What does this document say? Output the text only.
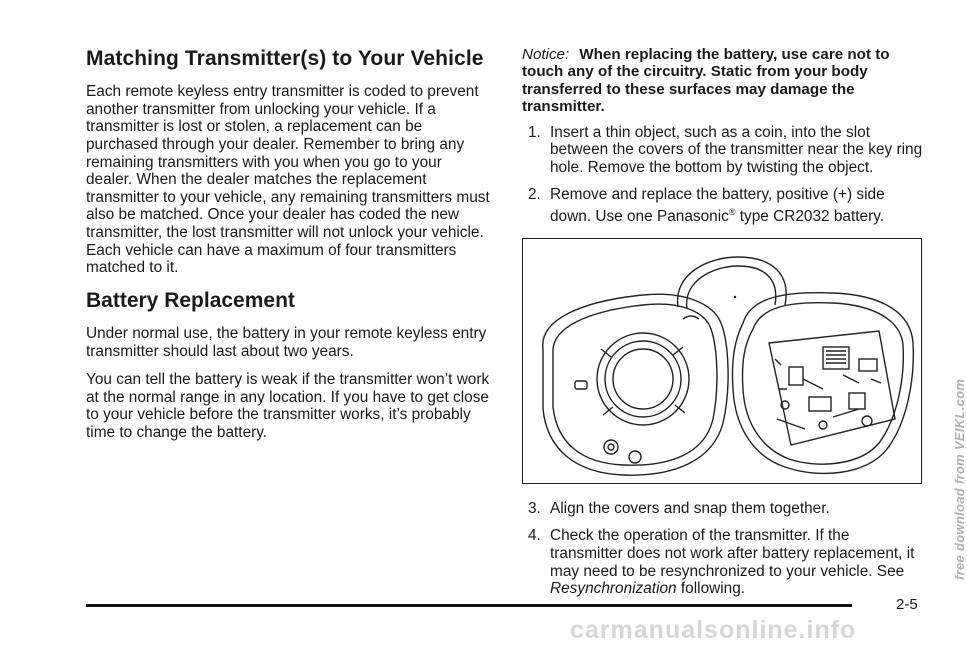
Matching Transmitter(s) to Your Vehicle

Each remote keyless entry transmitter is coded to prevent another transmitter from unlocking your vehicle. If a transmitter is lost or stolen, a replacement can be purchased through your dealer. Remember to bring any remaining transmitters with you when you go to your dealer. When the dealer matches the replacement transmitter to your vehicle, any remaining transmitters must also be matched. Once your dealer has coded the new transmitter, the lost transmitter will not unlock your vehicle. Each vehicle can have a maximum of four transmitters matched to it.

Battery Replacement

Under normal use, the battery in your remote keyless entry transmitter should last about two years.

You can tell the battery is weak if the transmitter won’t work at the normal range in any location. If you have to get close to your vehicle before the transmitter works, it’s probably time to change the battery.

Notice: When replacing the battery, use care not to touch any of the circuitry. Static from your body transferred to these surfaces may damage the transmitter.

1. Insert a thin object, such as a coin, into the slot between the covers of the transmitter near the key ring hole. Remove the bottom by twisting the object.
2. Remove and replace the battery, positive (+) side down. Use one Panasonic® type CR2032 battery.
3. Align the covers and snap them together.
4. Check the operation of the transmitter. If the transmitter does not work after battery replacement, it may need to be resynchronized to your vehicle. See Resynchronization following.
2-5
free download from VEIKL.com
carmanualsonline.info
